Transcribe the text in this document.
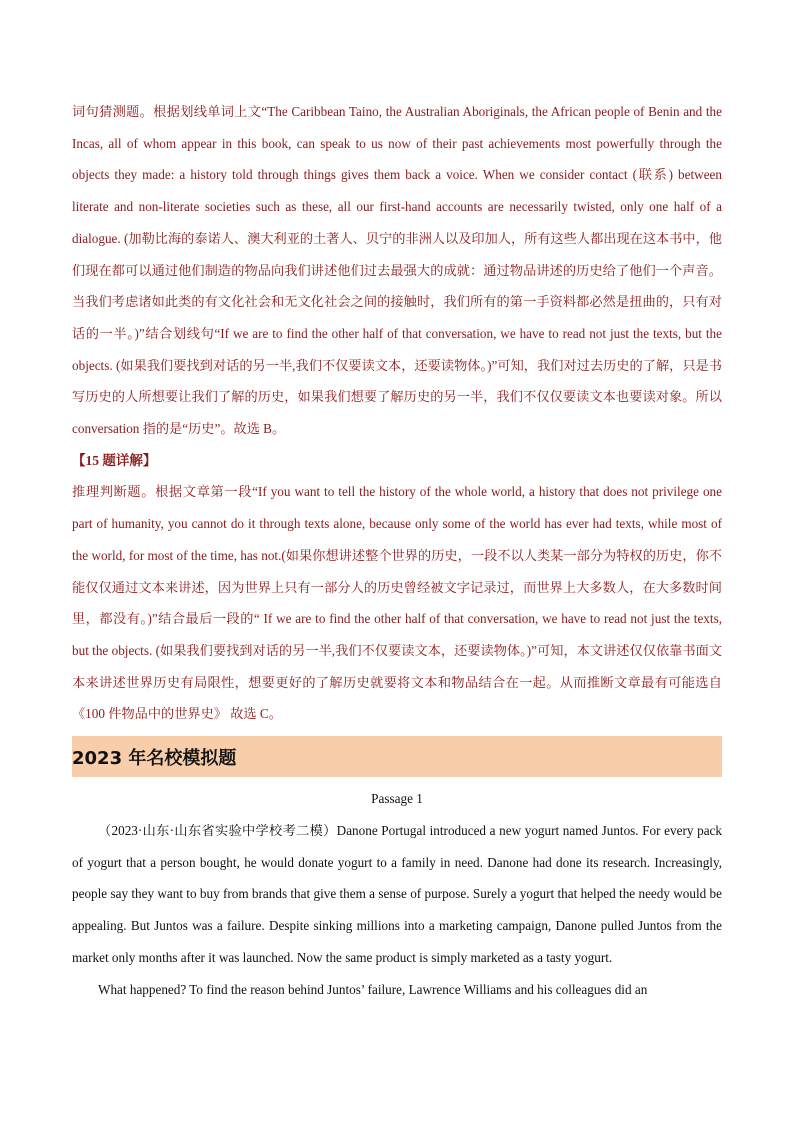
词句猜测题。根据划线单词上文“The Caribbean Taino, the Australian Aboriginals, the African people of Benin and the Incas, all of whom appear in this book, can speak to us now of their past achievements most powerfully through the objects they made: a history told through things gives them back a voice. When we consider contact (联系) between literate and non-literate societies such as these, all our first-hand accounts are necessarily twisted, only one half of a dialogue. (加勒比海的泰诺人、澳大利亚的土著人、贝宁的非洲人以及印加人，所有这些人都出现在这本书中，他们现在都可以通过他们制造的物品向我们讲述他们过去最强大的成就：通过物品讲述的历史给了他们一个声音。当我们考虑诸如此类的有文化社会和无文化社会之间的接触时，我们所有的第一手资料都必然是扭曲的，只有对话的一半。)”结合划线句“If we are to find the other half of that conversation, we have to read not just the texts, but the objects. (如果我们要找到对话的另一半,我们不仅要读文本，还要读物体。)”可知，我们对过去历史的了解，只是书写历史的人所想要让我们了解的历史，如果我们想要了解历史的另一半，我们不仅仅要读文本也要读对象。所以 conversation 指的是“历史”。故选 B。

【15 题详解】

推理判断题。根据文章第一段“If you want to tell the history of the whole world, a history that does not privilege one part of humanity, you cannot do it through texts alone, because only some of the world has ever had texts, while most of the world, for most of the time, has not.(如果你想讲述整个世界的历史，一段不以人类某一部分为特权的历史，你不能仅仅通过文本来讲述，因为世界上只有一部分人的历史曾经被文字记录过，而世界上大多数人，在大多数时间里，都没有。)”结合最后一段的“ If we are to find the other half of that conversation, we have to read not just the texts, but the objects. (如果我们要找到对话的另一半,我们不仅要读文本，还要读物体。)”可知，本文讲述仅仅依靠书面文本来讲述世界历史有局限性，想要更好的了解历史就要将文本和物品结合在一起。从而推断文章最有可能选自《100 件物品中的世界史》 故选 C。

2023 年名校模拟题

Passage 1

（2023·山东·山东省实验中学校考二模）Danone Portugal introduced a new yogurt named Juntos. For every pack of yogurt that a person bought, he would donate yogurt to a family in need. Danone had done its research. Increasingly, people say they want to buy from brands that give them a sense of purpose. Surely a yogurt that helped the needy would be appealing. But Juntos was a failure. Despite sinking millions into a marketing campaign, Danone pulled Juntos from the market only months after it was launched. Now the same product is simply marketed as a tasty yogurt.

What happened? To find the reason behind Juntos’ failure, Lawrence Williams and his colleagues did an
